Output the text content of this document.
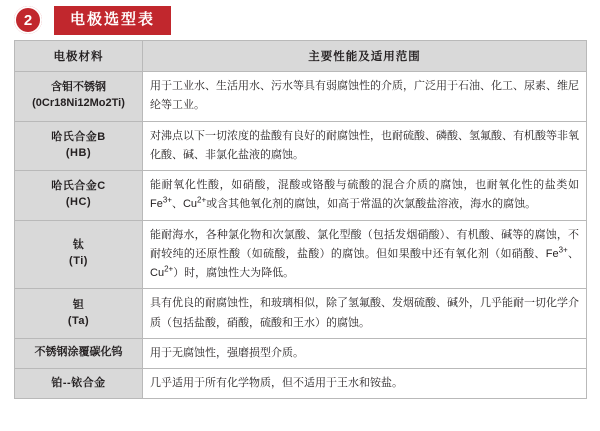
2	电极选型表
电极材料	主要性能及适用范围

含钼不锈钢
(0Cr18Ni12Mo2Ti)	用于工业水、生活用水、污水等具有弱腐蚀性的介质，广泛用于石油、化工、尿素、维尼纶等工业。

哈氏合金B
(HB)	对沸点以下一切浓度的盐酸有良好的耐腐蚀性，也耐硫酸、磷酸、氢氟酸、有机酸等非氧化酸、碱、非氯化盐液的腐蚀。

哈氏合金C
(HC)	能耐氧化性酸，如硝酸，混酸或铬酸与硫酸的混合介质的腐蚀，也耐氧化性的盐类如$Fe^{3+}$、$Cu^{2+}$或含其他氧化剂的腐蚀，如高于常温的次氯酸盐溶液，海水的腐蚀。

钛
(Ti)	能耐海水，各种氯化物和次氯酸、氯化型酸（包括发烟硝酸）、有机酸、碱等的腐蚀，不耐较纯的还原性酸（如硫酸，盐酸）的腐蚀。但如果酸中还有氧化剂（如硝酸、$Fe^{3+}$、$Cu^{2+}$）时，腐蚀性大为降低。

钽
(Ta)	具有优良的耐腐蚀性，和玻璃相似，除了氢氟酸、发烟硫酸、碱外，几乎能耐一切化学介质（包括盐酸，硝酸，硫酸和王水）的腐蚀。

不锈钢涂覆碳化钨	用于无腐蚀性，强磨损型介质。

铂--铱合金	几乎适用于所有化学物质，但不适用于王水和铵盐。
